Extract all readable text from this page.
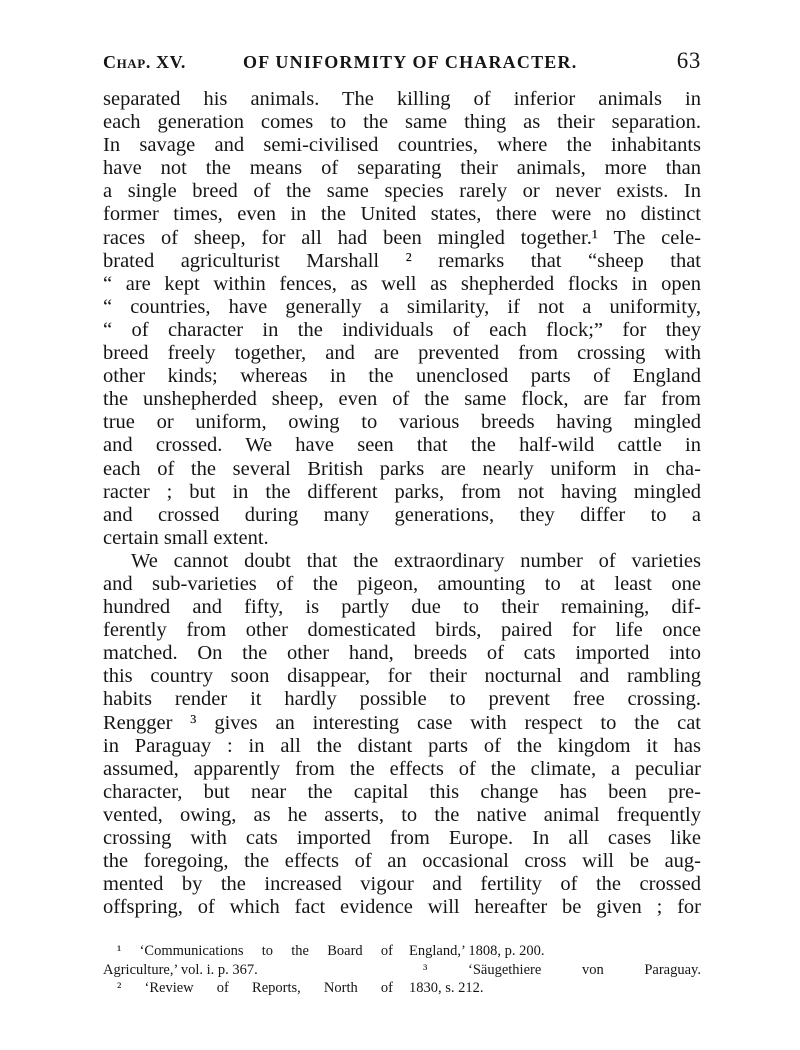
Chap. XV.	OF UNIFORMITY OF CHARACTER.	63
separated his animals. The killing of inferior animals in
each generation comes to the same thing as their separation.
In savage and semi-civilised countries, where the inhabitants
have not the means of separating their animals, more than
a single breed of the same species rarely or never exists. In
former times, even in the United states, there were no distinct
races of sheep, for all had been mingled together.¹ The cele-
brated agriculturist Marshall ² remarks that “sheep that
“ are kept within fences, as well as shepherded flocks in open
“ countries, have generally a similarity, if not a uniformity,
“ of character in the individuals of each flock;” for they
breed freely together, and are prevented from crossing with
other kinds; whereas in the unenclosed parts of England
the unshepherded sheep, even of the same flock, are far from
true or uniform, owing to various breeds having mingled
and crossed. We have seen that the half-wild cattle in
each of the several British parks are nearly uniform in cha-
racter ; but in the different parks, from not having mingled
and crossed during many generations, they differ to a
certain small extent.
We cannot doubt that the extraordinary number of varieties
and sub-varieties of the pigeon, amounting to at least one
hundred and fifty, is partly due to their remaining, dif-
ferently from other domesticated birds, paired for life once
matched. On the other hand, breeds of cats imported into
this country soon disappear, for their nocturnal and rambling
habits render it hardly possible to prevent free crossing.
Rengger ³ gives an interesting case with respect to the cat
in Paraguay : in all the distant parts of the kingdom it has
assumed, apparently from the effects of the climate, a peculiar
character, but near the capital this change has been pre-
vented, owing, as he asserts, to the native animal frequently
crossing with cats imported from Europe. In all cases like
the foregoing, the effects of an occasional cross will be aug-
mented by the increased vigour and fertility of the crossed
offspring, of which fact evidence will hereafter be given ; for
¹ ‘Communications to the Board of
Agriculture,’ vol. i. p. 367.
² ‘Review of Reports, North of
England,’ 1808, p. 200.
³ ‘Säugethiere von Paraguay.
1830, s. 212.
